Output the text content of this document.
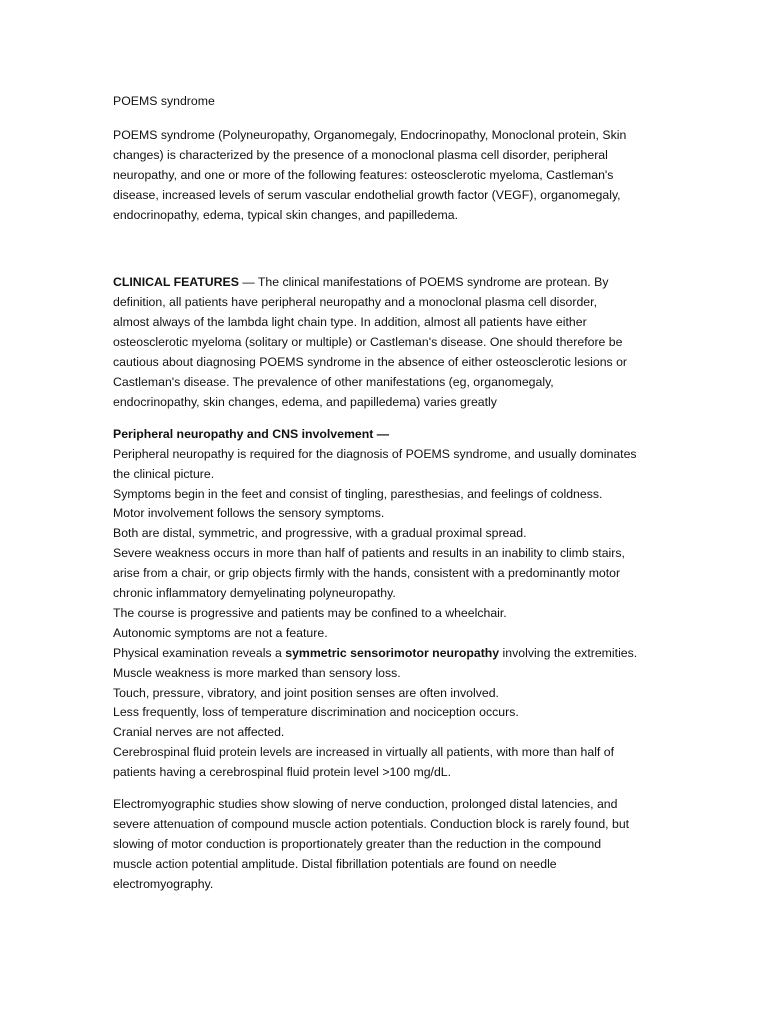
POEMS syndrome

POEMS syndrome (Polyneuropathy, Organomegaly, Endocrinopathy, Monoclonal protein, Skin
changes) is characterized by the presence of a monoclonal plasma cell disorder, peripheral
neuropathy, and one or more of the following features: osteosclerotic myeloma, Castleman's
disease, increased levels of serum vascular endothelial growth factor (VEGF), organomegaly,
endocrinopathy, edema, typical skin changes, and papilledema.

CLINICAL FEATURES — The clinical manifestations of POEMS syndrome are protean. By
definition, all patients have peripheral neuropathy and a monoclonal plasma cell disorder,
almost always of the lambda light chain type. In addition, almost all patients have either
osteosclerotic myeloma (solitary or multiple) or Castleman's disease. One should therefore be
cautious about diagnosing POEMS syndrome in the absence of either osteosclerotic lesions or
Castleman's disease. The prevalence of other manifestations (eg, organomegaly,
endocrinopathy, skin changes, edema, and papilledema) varies greatly

Peripheral neuropathy and CNS involvement —
Peripheral neuropathy is required for the diagnosis of POEMS syndrome, and usually dominates
the clinical picture.
Symptoms begin in the feet and consist of tingling, paresthesias, and feelings of coldness.
Motor involvement follows the sensory symptoms.
Both are distal, symmetric, and progressive, with a gradual proximal spread.
Severe weakness occurs in more than half of patients and results in an inability to climb stairs,
arise from a chair, or grip objects firmly with the hands, consistent with a predominantly motor
chronic inflammatory demyelinating polyneuropathy.
The course is progressive and patients may be confined to a wheelchair.
Autonomic symptoms are not a feature.
Physical examination reveals a symmetric sensorimotor neuropathy involving the extremities.
Muscle weakness is more marked than sensory loss.
Touch, pressure, vibratory, and joint position senses are often involved.
Less frequently, loss of temperature discrimination and nociception occurs.
Cranial nerves are not affected.
Cerebrospinal fluid protein levels are increased in virtually all patients, with more than half of
patients having a cerebrospinal fluid protein level >100 mg/dL.

Electromyographic studies show slowing of nerve conduction, prolonged distal latencies, and
severe attenuation of compound muscle action potentials. Conduction block is rarely found, but
slowing of motor conduction is proportionately greater than the reduction in the compound
muscle action potential amplitude. Distal fibrillation potentials are found on needle
electromyography.
